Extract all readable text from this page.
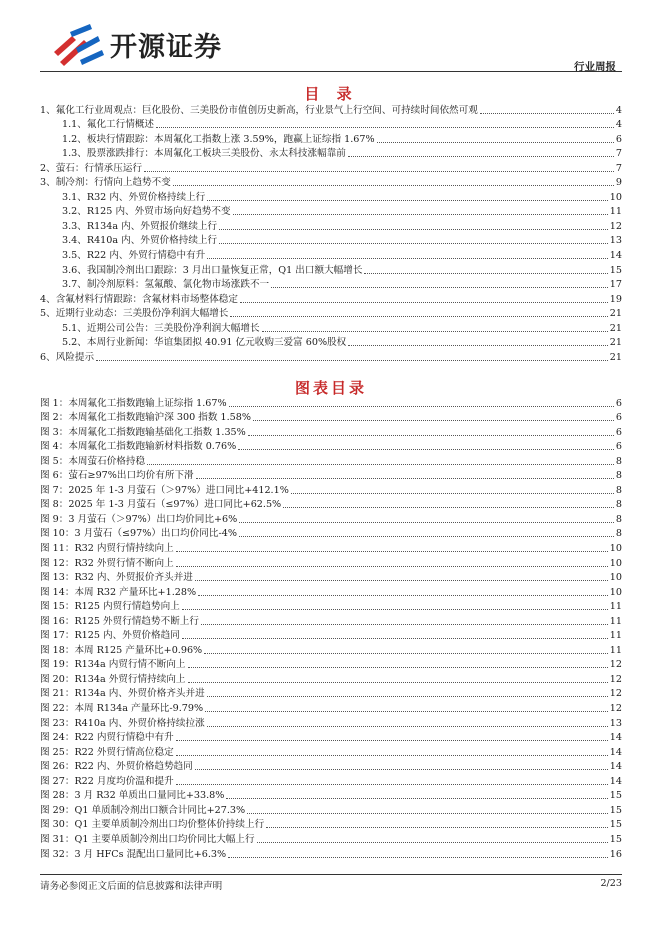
开源证券
行业周报
目 录
1、 氟化工行业周观点：巨化股份、三美股份市值创历史新高，行业景气上行空间、可持续时间依然可观	4
1.1、 氟化工行情概述	4
1.2、 板块行情跟踪：本周氟化工指数上涨 3.59%，跑赢上证综指 1.67%	6
1.3、 股票涨跌排行：本周氟化工板块三美股份、永太科技涨幅靠前	7
2、 萤石：行情承压运行	7
3、 制冷剂：行情向上趋势不变	9
3.1、 R32 内、外贸价格持续上行	10
3.2、 R125 内、外贸市场向好趋势不变	11
3.3、 R134a 内、外贸报价继续上行	12
3.4、 R410a 内、外贸价格持续上行	13
3.5、 R22 内、外贸行情稳中有升	14
3.6、 我国制冷剂出口跟踪：3 月出口量恢复正常，Q1 出口额大幅增长	15
3.7、 制冷剂原料：氢氟酸、氯化物市场涨跌不一	17
4、 含氟材料行情跟踪：含氟材料市场整体稳定	19
5、 近期行业动态：三美股份净利润大幅增长	21
5.1、 近期公司公告：三美股份净利润大幅增长	21
5.2、 本周行业新闻：华谊集团拟 40.91 亿元收购三爱富 60%股权	21
6、 风险提示	21
图表目录
图 1： 本周氟化工指数跑输上证综指 1.67%	6
图 2： 本周氟化工指数跑输沪深 300 指数 1.58%	6
图 3： 本周氟化工指数跑输基础化工指数 1.35%	6
图 4： 本周氟化工指数跑输新材料指数 0.76%	6
图 5： 本周萤石价格持稳	8
图 6： 萤石≥97%出口均价有所下滑	8
图 7： 2025 年 1-3 月萤石（＞97%）进口同比+412.1%	8
图 8： 2025 年 1-3 月萤石（≤97%）进口同比+62.5%	8
图 9： 3 月萤石（＞97%）出口均价同比+6%	8
图 10： 3 月萤石（≤97%）出口均价同比-4%	8
图 11： R32 内贸行情持续向上	10
图 12： R32 外贸行情不断向上	10
图 13： R32 内、外贸报价齐头并进	10
图 14： 本周 R32 产量环比+1.28%	10
图 15： R125 内贸行情趋势向上	11
图 16： R125 外贸行情趋势不断上行	11
图 17： R125 内、外贸价格趋同	11
图 18： 本周 R125 产量环比+0.96%	11
图 19： R134a 内贸行情不断向上	12
图 20： R134a 外贸行情持续向上	12
图 21： R134a 内、外贸价格齐头并进	12
图 22： 本周 R134a 产量环比-9.79%	12
图 23： R410a 内、外贸价格持续拉涨	13
图 24： R22 内贸行情稳中有升	14
图 25： R22 外贸行情高位稳定	14
图 26： R22 内、外贸价格趋势趋同	14
图 27： R22 月度均价温和提升	14
图 28： 3 月 R32 单质出口量同比+33.8%	15
图 29： Q1 单质制冷剂出口额合计同比+27.3%	15
图 30： Q1 主要单质制冷剂出口均价整体价持续上行	15
图 31： Q1 主要单质制冷剂出口均价同比大幅上行	15
图 32： 3 月 HFCs 混配出口量同比+6.3%	16
请务必参阅正文后面的信息披露和法律声明	2/23
